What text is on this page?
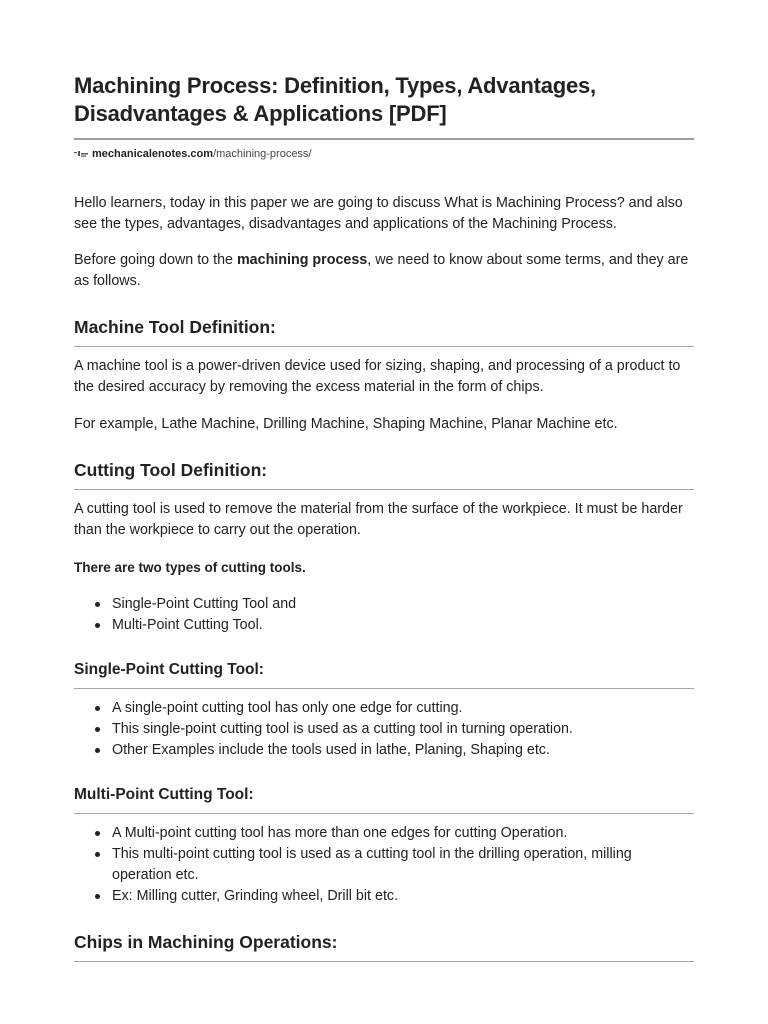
Machining Process: Definition, Types, Advantages, Disadvantages & Applications [PDF]
mechanicalenotes.com /machining-process/

Hello learners, today in this paper we are going to discuss What is Machining Process? and also see the types, advantages, disadvantages and applications of the Machining Process.

Before going down to the machining process, we need to know about some terms, and they are as follows.

Machine Tool Definition:

A machine tool is a power-driven device used for sizing, shaping, and processing of a product to the desired accuracy by removing the excess material in the form of chips.

For example, Lathe Machine, Drilling Machine, Shaping Machine, Planar Machine etc.

Cutting Tool Definition:

A cutting tool is used to remove the material from the surface of the workpiece. It must be harder than the workpiece to carry out the operation.

There are two types of cutting tools.

Single-Point Cutting Tool and
Multi-Point Cutting Tool.
Single-Point Cutting Tool:
A single-point cutting tool has only one edge for cutting.
This single-point cutting tool is used as a cutting tool in turning operation.
Other Examples include the tools used in lathe, Planing, Shaping etc.
Multi-Point Cutting Tool:
A Multi-point cutting tool has more than one edges for cutting Operation.
This multi-point cutting tool is used as a cutting tool in the drilling operation, milling operation etc.
Ex: Milling cutter, Grinding wheel, Drill bit etc.
Chips in Machining Operations:
